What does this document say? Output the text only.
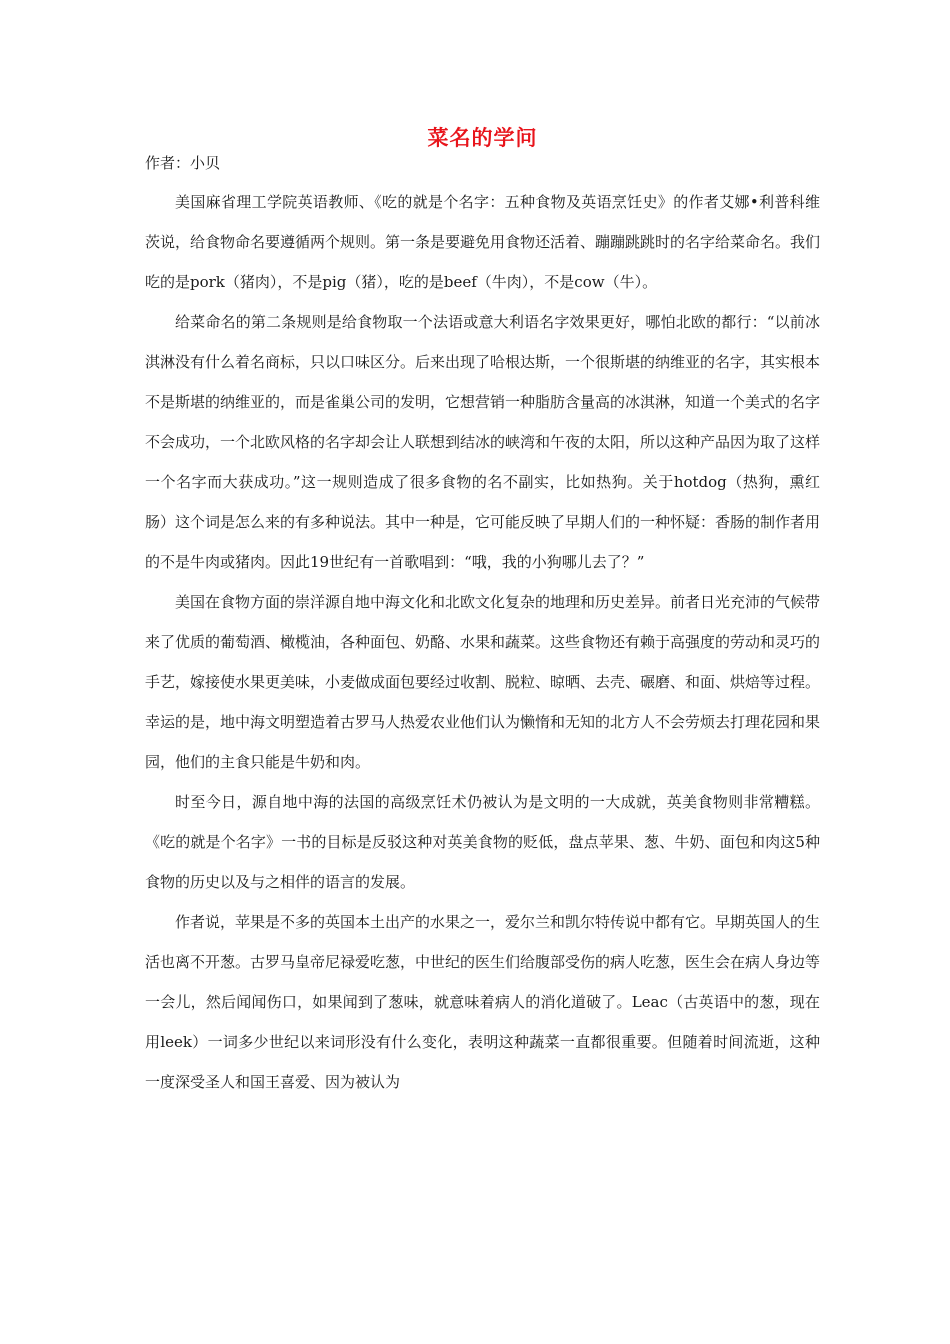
菜名的学问
作者：小贝

美国麻省理工学院英语教师、《吃的就是个名字：五种食物及英语烹饪史》的作者艾娜•利普科维茨说，给食物命名要遵循两个规则。第一条是要避免用食物还活着、蹦蹦跳跳时的名字给菜命名。我们吃的是pork（猪肉），不是pig（猪），吃的是beef（牛肉），不是cow（牛）。

给菜命名的第二条规则是给食物取一个法语或意大利语名字效果更好，哪怕北欧的都行：“以前冰淇淋没有什么着名商标，只以口味区分。后来出现了哈根达斯，一个很斯堪的纳维亚的名字，其实根本不是斯堪的纳维亚的，而是雀巢公司的发明，它想营销一种脂肪含量高的冰淇淋，知道一个美式的名字不会成功，一个北欧风格的名字却会让人联想到结冰的峡湾和午夜的太阳，所以这种产品因为取了这样一个名字而大获成功。”这一规则造成了很多食物的名不副实，比如热狗。关于hotdog（热狗，熏红肠）这个词是怎么来的有多种说法。其中一种是，它可能反映了早期人们的一种怀疑：香肠的制作者用的不是牛肉或猪肉。因此19世纪有一首歌唱到：“哦，我的小狗哪儿去了？”

美国在食物方面的崇洋源自地中海文化和北欧文化复杂的地理和历史差异。前者日光充沛的气候带来了优质的葡萄酒、橄榄油，各种面包、奶酪、水果和蔬菜。这些食物还有赖于高强度的劳动和灵巧的手艺，嫁接使水果更美味，小麦做成面包要经过收割、脱粒、晾晒、去壳、碾磨、和面、烘焙等过程。幸运的是，地中海文明塑造着古罗马人热爱农业他们认为懒惰和无知的北方人不会劳烦去打理花园和果园，他们的主食只能是牛奶和肉。

时至今日，源自地中海的法国的高级烹饪术仍被认为是文明的一大成就，英美食物则非常糟糕。《吃的就是个名字》一书的目标是反驳这种对英美食物的贬低，盘点苹果、葱、牛奶、面包和肉这5种食物的历史以及与之相伴的语言的发展。

作者说，苹果是不多的英国本土出产的水果之一，爱尔兰和凯尔特传说中都有它。早期英国人的生活也离不开葱。古罗马皇帝尼禄爱吃葱，中世纪的医生们给腹部受伤的病人吃葱，医生会在病人身边等一会儿，然后闻闻伤口，如果闻到了葱味，就意味着病人的消化道破了。Leac（古英语中的葱，现在用leek）一词多少世纪以来词形没有什么变化，表明这种蔬菜一直都很重要。但随着时间流逝，这种一度深受圣人和国王喜爱、因为被认为
